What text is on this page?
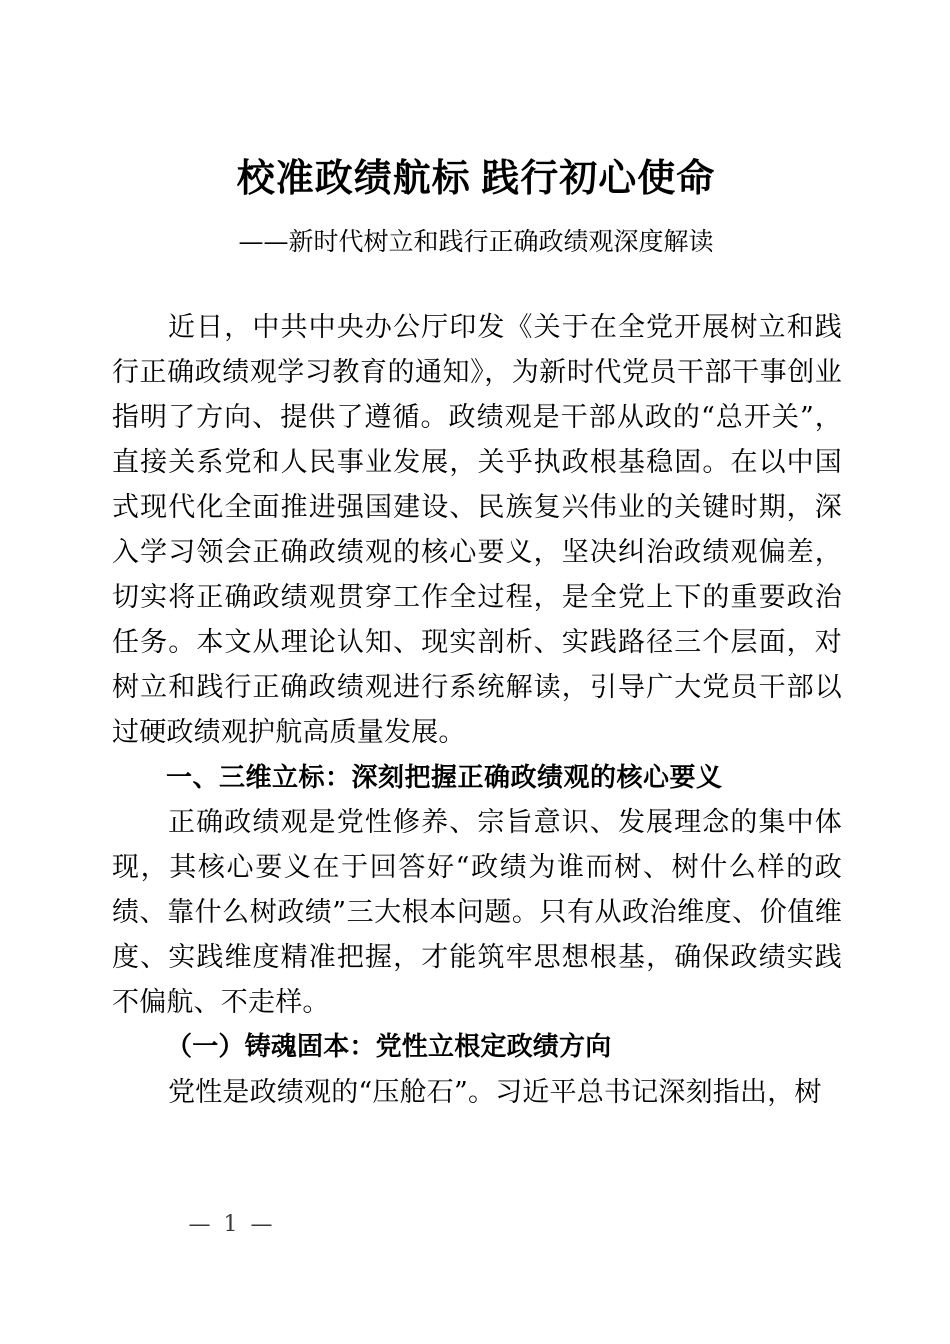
校准政绩航标 践行初心使命
——新时代树立和践行正确政绩观深度解读

近日，中共中央办公厅印发《关于在全党开展树立和践行正确政绩观学习教育的通知》，为新时代党员干部干事创业指明了方向、提供了遵循。政绩观是干部从政的“总开关”，直接关系党和人民事业发展，关乎执政根基稳固。在以中国式现代化全面推进强国建设、民族复兴伟业的关键时期，深入学习领会正确政绩观的核心要义，坚决纠治政绩观偏差，切实将正确政绩观贯穿工作全过程，是全党上下的重要政治任务。本文从理论认知、现实剖析、实践路径三个层面，对树立和践行正确政绩观进行系统解读，引导广大党员干部以过硬政绩观护航高质量发展。

一、三维立标：深刻把握正确政绩观的核心要义

正确政绩观是党性修养、宗旨意识、发展理念的集中体现，其核心要义在于回答好“政绩为谁而树、树什么样的政绩、靠什么树政绩”三大根本问题。只有从政治维度、价值维度、实践维度精准把握，才能筑牢思想根基，确保政绩实践不偏航、不走样。

（一）铸魂固本：党性立根定政绩方向

党性是政绩观的“压舱石”。习近平总书记深刻指出，树

— 1 —
